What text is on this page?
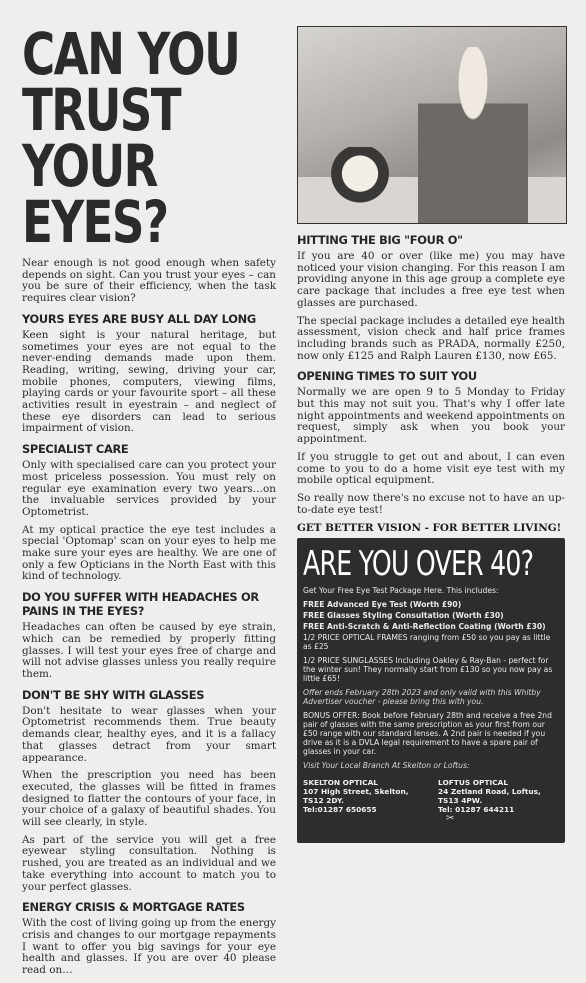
CAN YOU
TRUST YOUR
EYES?

Near enough is not good enough when safety depends on sight. Can you trust your eyes – can you be sure of their efficiency, when the task requires clear vision?

YOURS EYES ARE BUSY ALL DAY LONG

Keen sight is your natural heritage, but sometimes your eyes are not equal to the never-ending demands made upon them. Reading, writing, sewing, driving your car, mobile phones, computers, viewing films, playing cards or your favourite sport – all these activities result in eyestrain – and neglect of these eye disorders can lead to serious impairment of vision.

SPECIALIST CARE

Only with specialised care can you protect your most priceless possession. You must rely on regular eye examination every two years…on the invaluable services provided by your Optometrist.

At my optical practice the eye test includes a special 'Optomap' scan on your eyes to help me make sure your eyes are healthy. We are one of only a few Opticians in the North East with this kind of technology.

DO YOU SUFFER WITH HEADACHES OR PAINS IN THE EYES?

Headaches can often be caused by eye strain, which can be remedied by properly fitting glasses. I will test your eyes free of charge and will not advise glasses unless you really require them.

DON'T BE SHY WITH GLASSES

Don't hesitate to wear glasses when your Optometrist recommends them. True beauty demands clear, healthy eyes, and it is a fallacy that glasses detract from your smart appearance.

When the prescription you need has been executed, the glasses will be fitted in frames designed to flatter the contours of your face, in your choice of a galaxy of beautiful shades. You will see clearly, in style.

As part of the service you will get a free eyewear styling consultation. Nothing is rushed, you are treated as an individual and we take everything into account to match you to your perfect glasses.

ENERGY CRISIS & MORTGAGE RATES

With the cost of living going up from the energy crisis and changes to our mortgage repayments I want to offer you big savings for your eye health and glasses. If you are over 40 please read on…

HITTING THE BIG "FOUR O"

If you are 40 or over (like me) you may have noticed your vision changing. For this reason I am providing anyone in this age group a complete eye care package that includes a free eye test when glasses are purchased.

The special package includes a detailed eye health assessment, vision check and half price frames including brands such as PRADA, normally £250, now only £125 and Ralph Lauren £130, now £65.

OPENING TIMES TO SUIT YOU

Normally we are open 9 to 5 Monday to Friday but this may not suit you. That's why I offer late night appointments and weekend appointments on request, simply ask when you book your appointment.

If you struggle to get out and about, I can even come to you to do a home visit eye test with my mobile optical equipment.

So really now there's no excuse not to have an up-to-date eye test!

GET BETTER VISION - FOR BETTER LIVING!
ARE YOU OVER 40?

Get Your Free Eye Test Package Here. This includes:

FREE Advanced Eye Test (Worth £90)

FREE Glasses Styling Consultation (Worth £30)

FREE Anti-Scratch & Anti-Reflection Coating (Worth £30)

1/2 PRICE OPTICAL FRAMES ranging from £50 so you pay as little as £25

1/2 PRICE SUNGLASSES Including Oakley & Ray-Ban - perfect for the winter sun! They normally start from £130 so you now pay as little £65!

Offer ends February 28th 2023 and only valid with this Whitby Advertiser voucher - please bring this with you.

BONUS OFFER: Book before February 28th and receive a free 2nd pair of glasses with the same prescription as your first from our £50 range with our standard lenses. A 2nd pair is needed if you drive as it is a DVLA legal requirement to have a spare pair of glasses in your car.

Visit Your Local Branch At Skelton or Loftus:

SKELTON OPTICAL
107 High Street, Skelton, TS12 2DY.
Tel:01287 650655
LOFTUS OPTICAL
24 Zetland Road, Loftus, TS13 4PW.
Tel: 01287 644211
✂
